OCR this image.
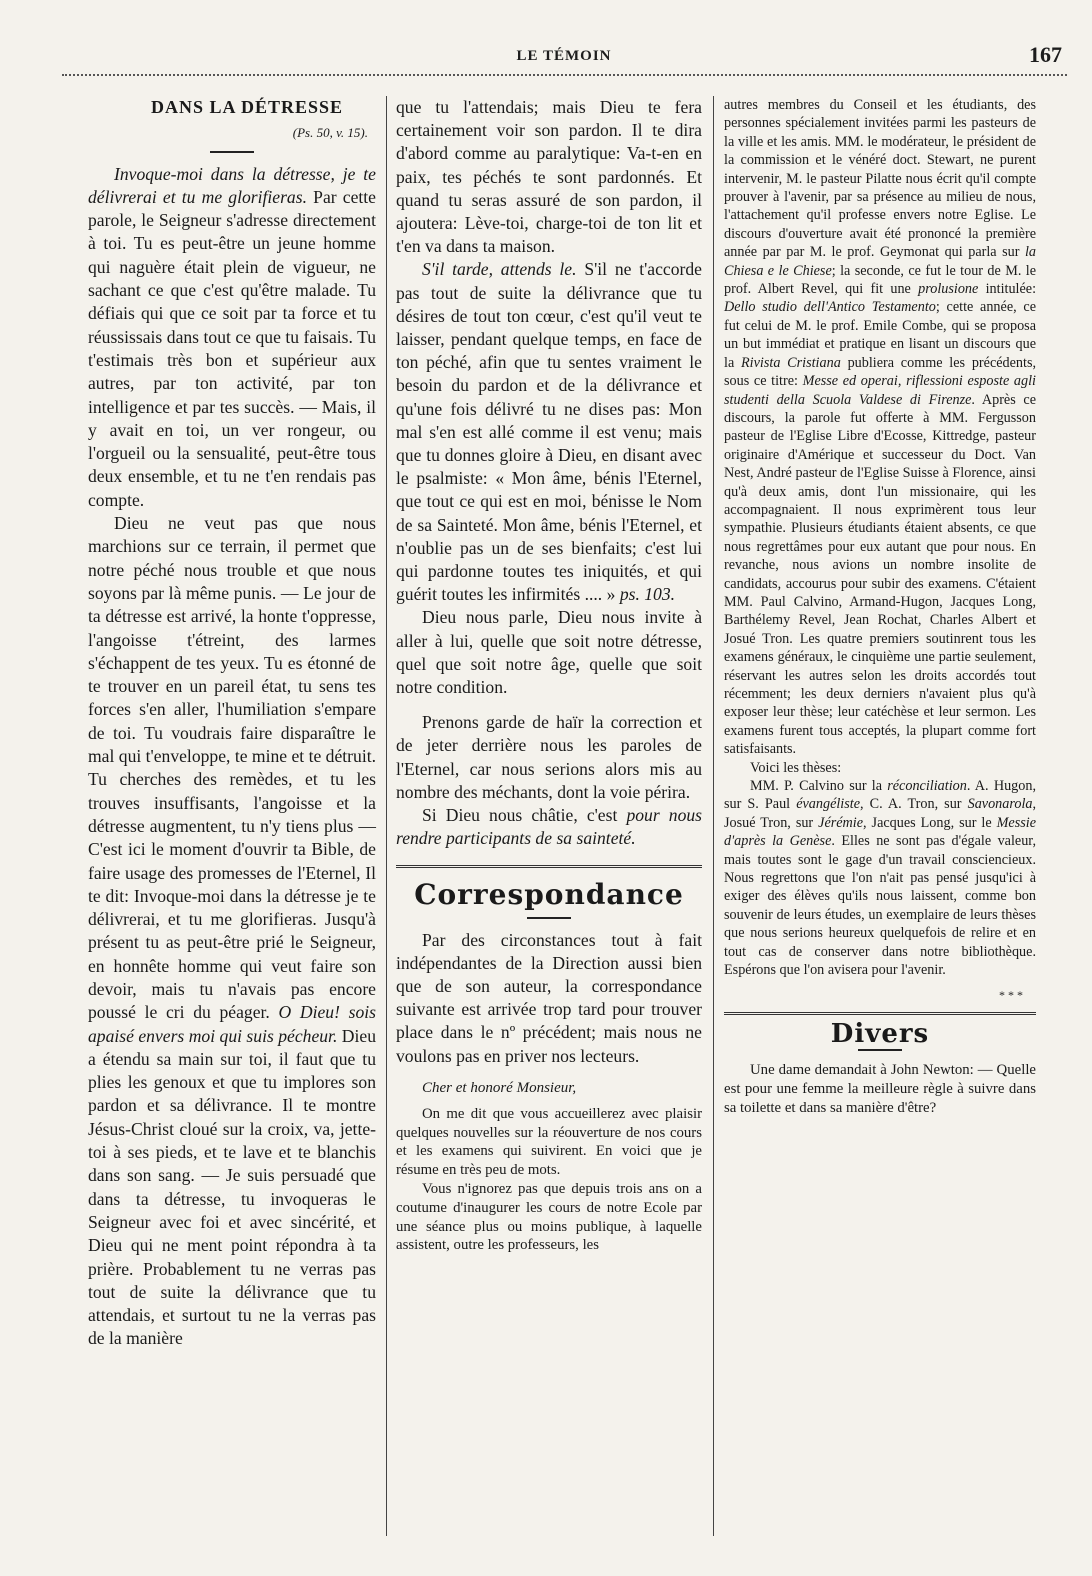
LE TÉMOIN	167
DANS LA DÉTRESSE
(Ps. 50, v. 15).

Invoque-moi dans la détresse, je te délivrerai et tu me glorifieras. Par cette parole, le Seigneur s'adresse directement à toi. Tu es peut-être un jeune homme qui naguère était plein de vigueur, ne sachant ce que c'est qu'être malade. Tu défiais qui que ce soit par ta force et tu réussissais dans tout ce que tu faisais. Tu t'estimais très bon et supérieur aux autres, par ton activité, par ton intelligence et par tes succès. — Mais, il y avait en toi, un ver rongeur, ou l'orgueil ou la sensualité, peut-être tous deux ensemble, et tu ne t'en rendais pas compte.

Dieu ne veut pas que nous marchions sur ce terrain, il permet que notre péché nous trouble et que nous soyons par là même punis. — Le jour de ta détresse est arrivé, la honte t'oppresse, l'angoisse t'étreint, des larmes s'échappent de tes yeux. Tu es étonné de te trouver en un pareil état, tu sens tes forces s'en aller, l'humiliation s'empare de toi. Tu voudrais faire disparaître le mal qui t'enveloppe, te mine et te détruit. Tu cherches des remèdes, et tu les trouves insuffisants, l'angoisse et la détresse augmentent, tu n'y tiens plus — C'est ici le moment d'ouvrir ta Bible, de faire usage des promesses de l'Eternel, Il te dit: Invoque-moi dans la détresse je te délivrerai, et tu me glorifieras. Jusqu'à présent tu as peut-être prié le Seigneur, en honnête homme qui veut faire son devoir, mais tu n'avais pas encore poussé le cri du péager. O Dieu! sois apaisé envers moi qui suis pécheur. Dieu a étendu sa main sur toi, il faut que tu plies les genoux et que tu implores son pardon et sa délivrance. Il te montre Jésus-Christ cloué sur la croix, va, jette-toi à ses pieds, et te lave et te blanchis dans son sang. — Je suis persuadé que dans ta détresse, tu invoqueras le Seigneur avec foi et avec sincérité, et Dieu qui ne ment point répondra à ta prière. Probablement tu ne verras pas tout de suite la délivrance que tu attendais, et surtout tu ne la verras pas de la manière

que tu l'attendais; mais Dieu te fera certainement voir son pardon. Il te dira d'abord comme au paralytique: Va-t-en en paix, tes péchés te sont pardonnés. Et quand tu seras assuré de son pardon, il ajoutera: Lève-toi, charge-toi de ton lit et t'en va dans ta maison.

S'il tarde, attends le. S'il ne t'accorde pas tout de suite la délivrance que tu désires de tout ton cœur, c'est qu'il veut te laisser, pendant quelque temps, en face de ton péché, afin que tu sentes vraiment le besoin du pardon et de la délivrance et qu'une fois délivré tu ne dises pas: Mon mal s'en est allé comme il est venu; mais que tu donnes gloire à Dieu, en disant avec le psalmiste: « Mon âme, bénis l'Eternel, que tout ce qui est en moi, bénisse le Nom de sa Sainteté. Mon âme, bénis l'Eternel, et n'oublie pas un de ses bienfaits; c'est lui qui pardonne toutes tes iniquités, et qui guérit toutes les infirmités .... » ps. 103.

Dieu nous parle, Dieu nous invite à aller à lui, quelle que soit notre détresse, quel que soit notre âge, quelle que soit notre condition.

Prenons garde de haïr la correction et de jeter derrière nous les paroles de l'Eternel, car nous serions alors mis au nombre des méchants, dont la voie périra.

Si Dieu nous châtie, c'est pour nous rendre participants de sa sainteté.

Correspondance

Par des circonstances tout à fait indépendantes de la Direction aussi bien que de son auteur, la correspondance suivante est arrivée trop tard pour trouver place dans le nº précédent; mais nous ne voulons pas en priver nos lecteurs.

Cher et honoré Monsieur,

On me dit que vous accueillerez avec plaisir quelques nouvelles sur la réouverture de nos cours et les examens qui suivirent. En voici que je résume en très peu de mots.

Vous n'ignorez pas que depuis trois ans on a coutume d'inaugurer les cours de notre Ecole par une séance plus ou moins publique, à laquelle assistent, outre les professeurs, les

autres membres du Conseil et les étudiants, des personnes spécialement invitées parmi les pasteurs de la ville et les amis. MM. le modérateur, le président de la commission et le vénéré doct. Stewart, ne purent intervenir, M. le pasteur Pilatte nous écrit qu'il compte prouver à l'avenir, par sa présence au milieu de nous, l'attachement qu'il professe envers notre Eglise. Le discours d'ouverture avait été prononcé la première année par par M. le prof. Geymonat qui parla sur la Chiesa e le Chiese; la seconde, ce fut le tour de M. le prof. Albert Revel, qui fit une prolusione intitulée: Dello studio dell'Antico Testamento; cette année, ce fut celui de M. le prof. Emile Combe, qui se proposa un but immédiat et pratique en lisant un discours que la Rivista Cristiana publiera comme les précédents, sous ce titre: Messe ed operai, riflessioni esposte agli studenti della Scuola Valdese di Firenze. Après ce discours, la parole fut offerte à MM. Fergusson pasteur de l'Eglise Libre d'Ecosse, Kittredge, pasteur originaire d'Amérique et successeur du Doct. Van Nest, André pasteur de l'Eglise Suisse à Florence, ainsi qu'à deux amis, dont l'un missionaire, qui les accompagnaient. Il nous exprimèrent tous leur sympathie. Plusieurs étudiants étaient absents, ce que nous regrettâmes pour eux autant que pour nous. En revanche, nous avions un nombre insolite de candidats, accourus pour subir des examens. C'étaient MM. Paul Calvino, Armand-Hugon, Jacques Long, Barthélemy Revel, Jean Rochat, Charles Albert et Josué Tron. Les quatre premiers soutinrent tous les examens généraux, le cinquième une partie seulement, réservant les autres selon les droits accordés tout récemment; les deux derniers n'avaient plus qu'à exposer leur thèse; leur catéchèse et leur sermon. Les examens furent tous acceptés, la plupart comme fort satisfaisants.

Voici les thèses:

MM. P. Calvino sur la réconciliation. A. Hugon, sur S. Paul évangéliste, C. A. Tron, sur Savonarola, Josué Tron, sur Jérémie, Jacques Long, sur le Messie d'après la Genèse. Elles ne sont pas d'égale valeur, mais toutes sont le gage d'un travail consciencieux. Nous regrettons que l'on n'ait pas pensé jusqu'ici à exiger des élèves qu'ils nous laissent, comme bon souvenir de leurs études, un exemplaire de leurs thèses que nous serions heureux quelquefois de relire et en tout cas de conserver dans notre bibliothèque. Espérons que l'on avisera pour l'avenir.

***
Divers

Une dame demandait à John Newton: — Quelle est pour une femme la meilleure règle à suivre dans sa toilette et dans sa manière d'être?
